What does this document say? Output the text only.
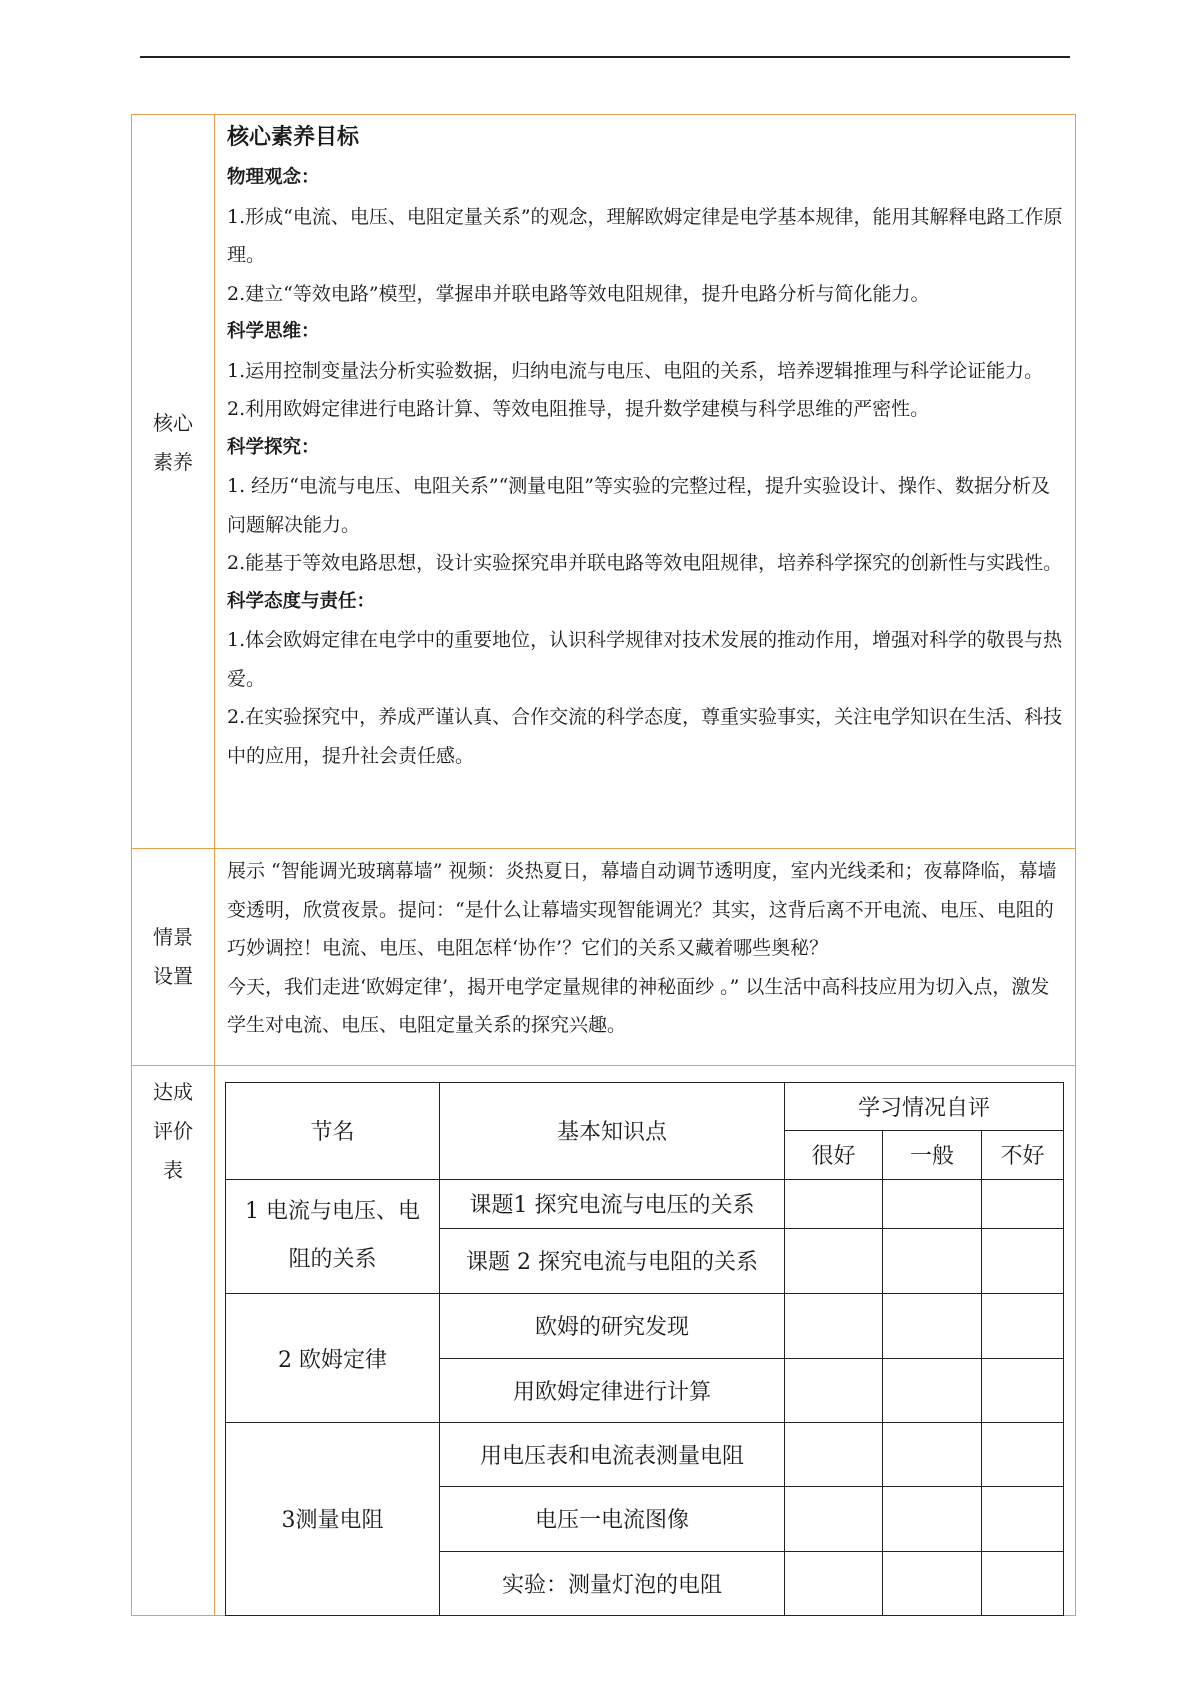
核心
素养

核心素养目标

物理观念：

1.形成“电流、电压、电阻定量关系”的观念，理解欧姆定律是电学基本规律，能用其解释电路工作原理。

2.建立“等效电路”模型，掌握串并联电路等效电阻规律，提升电路分析与简化能力。

科学思维：

1.运用控制变量法分析实验数据，归纳电流与电压、电阻的关系，培养逻辑推理与科学论证能力。

2.利用欧姆定律进行电路计算、等效电阻推导，提升数学建模与科学思维的严密性。

科学探究：

1. 经历“电流与电压、电阻关系”“测量电阻”等实验的完整过程，提升实验设计、操作、数据分析及问题解决能力。

2.能基于等效电路思想，设计实验探究串并联电路等效电阻规律，培养科学探究的创新性与实践性。

科学态度与责任：

1.体会欧姆定律在电学中的重要地位，认识科学规律对技术发展的推动作用，增强对科学的敬畏与热爱。

2.在实验探究中，养成严谨认真、合作交流的科学态度，尊重实验事实，关注电学知识在生活、科技中的应用，提升社会责任感。

情景
设置

展示 “智能调光玻璃幕墙” 视频：炎热夏日，幕墙自动调节透明度，室内光线柔和；夜幕降临，幕墙变透明，欣赏夜景。提问：“是什么让幕墙实现智能调光？其实，这背后离不开电流、电压、电阻的巧妙调控！电流、电压、电阻怎样‘协作’？它们的关系又藏着哪些奥秘？

今天，我们走进‘欧姆定律’，揭开电学定量规律的神秘面纱 。” 以生活中高科技应用为切入点，激发学生对电流、电压、电阻定量关系的探究兴趣。

达成
评价
表
节名	基本知识点	学习情况自评		
		很好	一般	不好

1 电流与电压、电
阻的关系	课题1 探究电流与电压的关系			
	课题 2 探究电流与电阻的关系			
2 欧姆定律	欧姆的研究发现			
	用欧姆定律进行计算			
3测量电阻	用电压表和电流表测量电阻			
	电压一电流图像			
	实验：测量灯泡的电阻			
